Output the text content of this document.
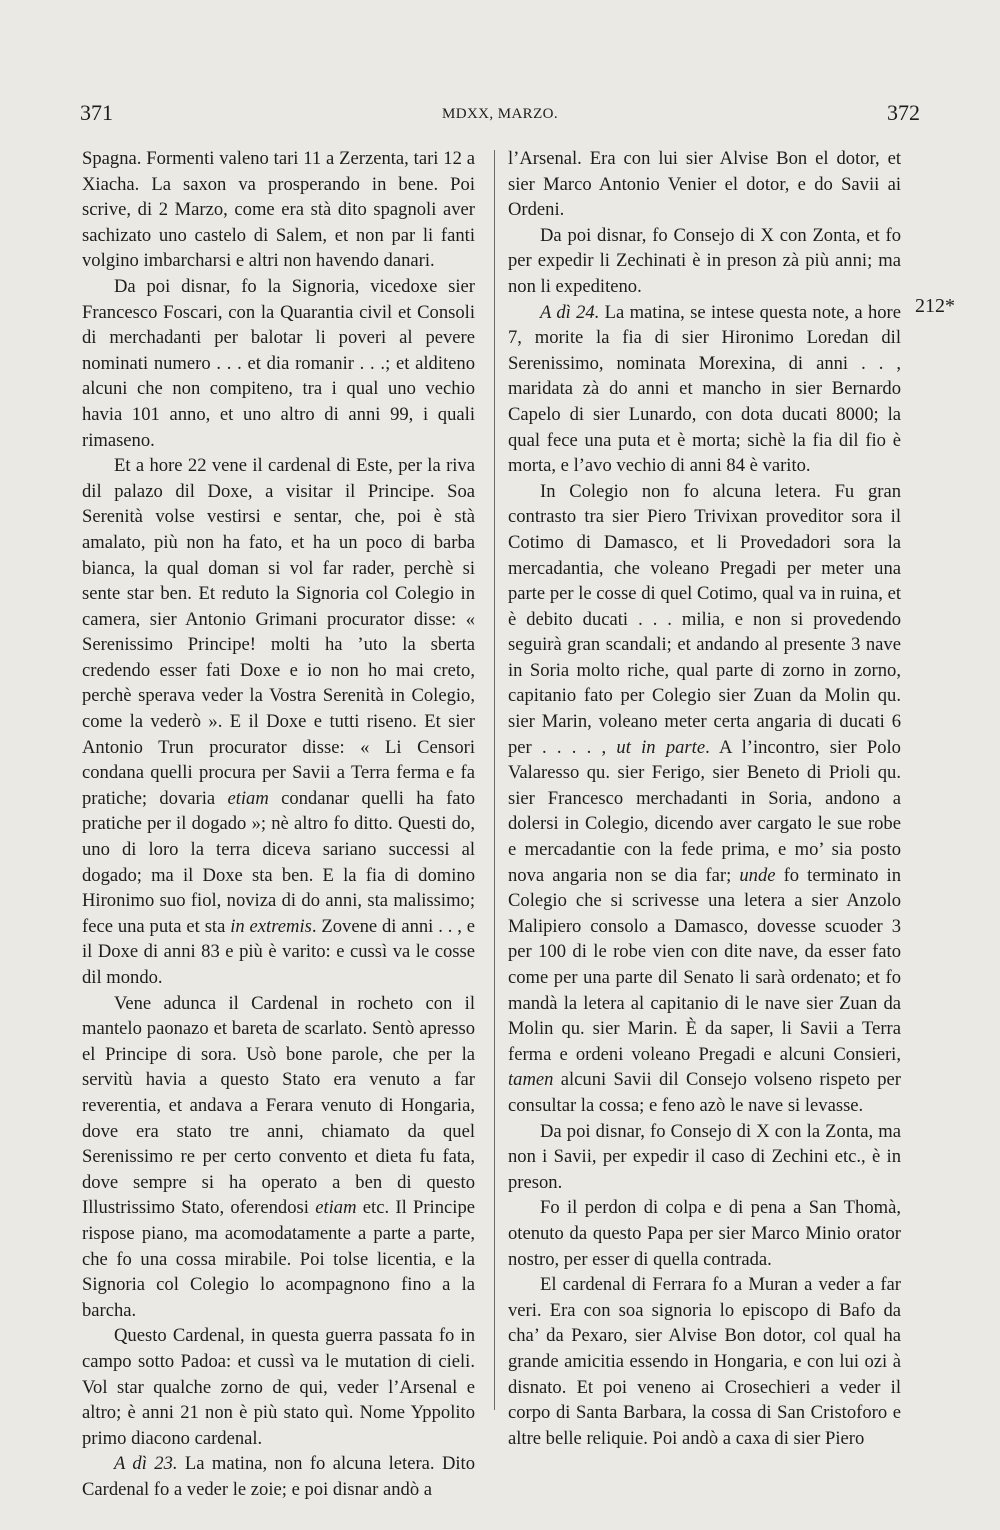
371	MDXX, MARZO.	372

Spagna. Formenti valeno tari 11 a Zerzenta, tari 12 a Xiacha. La saxon va prosperando in bene. Poi scrive, di 2 Marzo, come era stà dito spagnoli aver sachizato uno castelo di Salem, et non par li fanti volgino imbarcharsi e altri non havendo danari.

Da poi disnar, fo la Signoria, vicedoxe sier Francesco Foscari, con la Quarantia civil et Consoli di merchadanti per balotar li poveri al pevere nominati numero . . . et dia romanir . . .; et alditeno alcuni che non compiteno, tra i qual uno vechio havia 101 anno, et uno altro di anni 99, i quali rimaseno.

Et a hore 22 vene il cardenal di Este, per la riva dil palazo dil Doxe, a visitar il Principe. Soa Serenità volse vestirsi e sentar, che, poi è stà amalato, più non ha fato, et ha un poco di barba bianca, la qual doman si vol far rader, perchè si sente star ben. Et reduto la Signoria col Colegio in camera, sier Antonio Grimani procurator disse: « Serenissimo Principe! molti ha ’uto la sberta credendo esser fati Doxe e io non ho mai creto, perchè sperava veder la Vostra Serenità in Colegio, come la vederò ». E il Doxe e tutti riseno. Et sier Antonio Trun procurator disse: « Li Censori condana quelli procura per Savii a Terra ferma e fa pratiche; dovaria etiam condanar quelli ha fato pratiche per il dogado »; nè altro fo ditto. Questi do, uno di loro la terra diceva sariano successi al dogado; ma il Doxe sta ben. E la fia di domino Hironimo suo fiol, noviza di do anni, sta malissimo; fece una puta et sta in extremis. Zovene di anni . . , e il Doxe di anni 83 e più è varito: e cussì va le cosse dil mondo.

Vene adunca il Cardenal in rocheto con il mantelo paonazo et bareta de scarlato. Sentò apresso el Principe di sora. Usò bone parole, che per la servitù havia a questo Stato era venuto a far reverentia, et andava a Ferara venuto di Hongaria, dove era stato tre anni, chiamato da quel Serenissimo re per certo convento et dieta fu fata, dove sempre si ha operato a ben di questo Illustrissimo Stato, oferendosi etiam etc. Il Principe rispose piano, ma acomodatamente a parte a parte, che fo una cossa mirabile. Poi tolse licentia, e la Signoria col Colegio lo acompagnono fino a la barcha.

Questo Cardenal, in questa guerra passata fo in campo sotto Padoa: et cussì va le mutation di cieli. Vol star qualche zorno de qui, veder l’Arsenal e altro; è anni 21 non è più stato quì. Nome Yppolito primo diacono cardenal.

A dì 23. La matina, non fo alcuna letera. Dito Cardenal fo a veder le zoie; e poi disnar andò a

l’Arsenal. Era con lui sier Alvise Bon el dotor, et sier Marco Antonio Venier el dotor, e do Savii ai Ordeni.

Da poi disnar, fo Consejo di X con Zonta, et fo per expedir li Zechinati è in preson zà più anni; ma non li expediteno.

A dì 24. La matina, se intese questa note, a hore 7, morite la fia di sier Hironimo Loredan dil Serenissimo, nominata Morexina, di anni . . , maridata zà do anni et mancho in sier Bernardo Capelo di sier Lunardo, con dota ducati 8000; la qual fece una puta et è morta; sichè la fia dil fio è morta, e l’avo vechio di anni 84 è varito.

In Colegio non fo alcuna letera. Fu gran contrasto tra sier Piero Trivixan proveditor sora il Cotimo di Damasco, et li Provedadori sora la mercadantia, che voleano Pregadi per meter una parte per le cosse di quel Cotimo, qual va in ruina, et è debito ducati . . . milia, e non si provedendo seguirà gran scandali; et andando al presente 3 nave in Soria molto riche, qual parte di zorno in zorno, capitanio fato per Colegio sier Zuan da Molin qu. sier Marin, voleano meter certa angaria di ducati 6 per . . . . , ut in parte. A l’incontro, sier Polo Valaresso qu. sier Ferigo, sier Beneto di Prioli qu. sier Francesco merchadanti in Soria, andono a dolersi in Colegio, dicendo aver cargato le sue robe e mercadantie con la fede prima, e mo’ sia posto nova angaria non se dia far; unde fo terminato in Colegio che si scrivesse una letera a sier Anzolo Malipiero consolo a Damasco, dovesse scuoder 3 per 100 di le robe vien con dite nave, da esser fato come per una parte dil Senato li sarà ordenato; et fo mandà la letera al capitanio di le nave sier Zuan da Molin qu. sier Marin. È da saper, li Savii a Terra ferma e ordeni voleano Pregadi e alcuni Consieri, tamen alcuni Savii dil Consejo volseno rispeto per consultar la cossa; e feno azò le nave si levasse.

Da poi disnar, fo Consejo di X con la Zonta, ma non i Savii, per expedir il caso di Zechini etc., è in preson.

Fo il perdon di colpa e di pena a San Thomà, otenuto da questo Papa per sier Marco Minio orator nostro, per esser di quella contrada.

El cardenal di Ferrara fo a Muran a veder a far veri. Era con soa signoria lo episcopo di Bafo da cha’ da Pexaro, sier Alvise Bon dotor, col qual ha grande amicitia essendo in Hongaria, e con lui ozi à disnato. Et poi veneno ai Crosechieri a veder il corpo di Santa Barbara, la cossa di San Cristoforo e altre belle reliquie. Poi andò a caxa di sier Piero

212*
